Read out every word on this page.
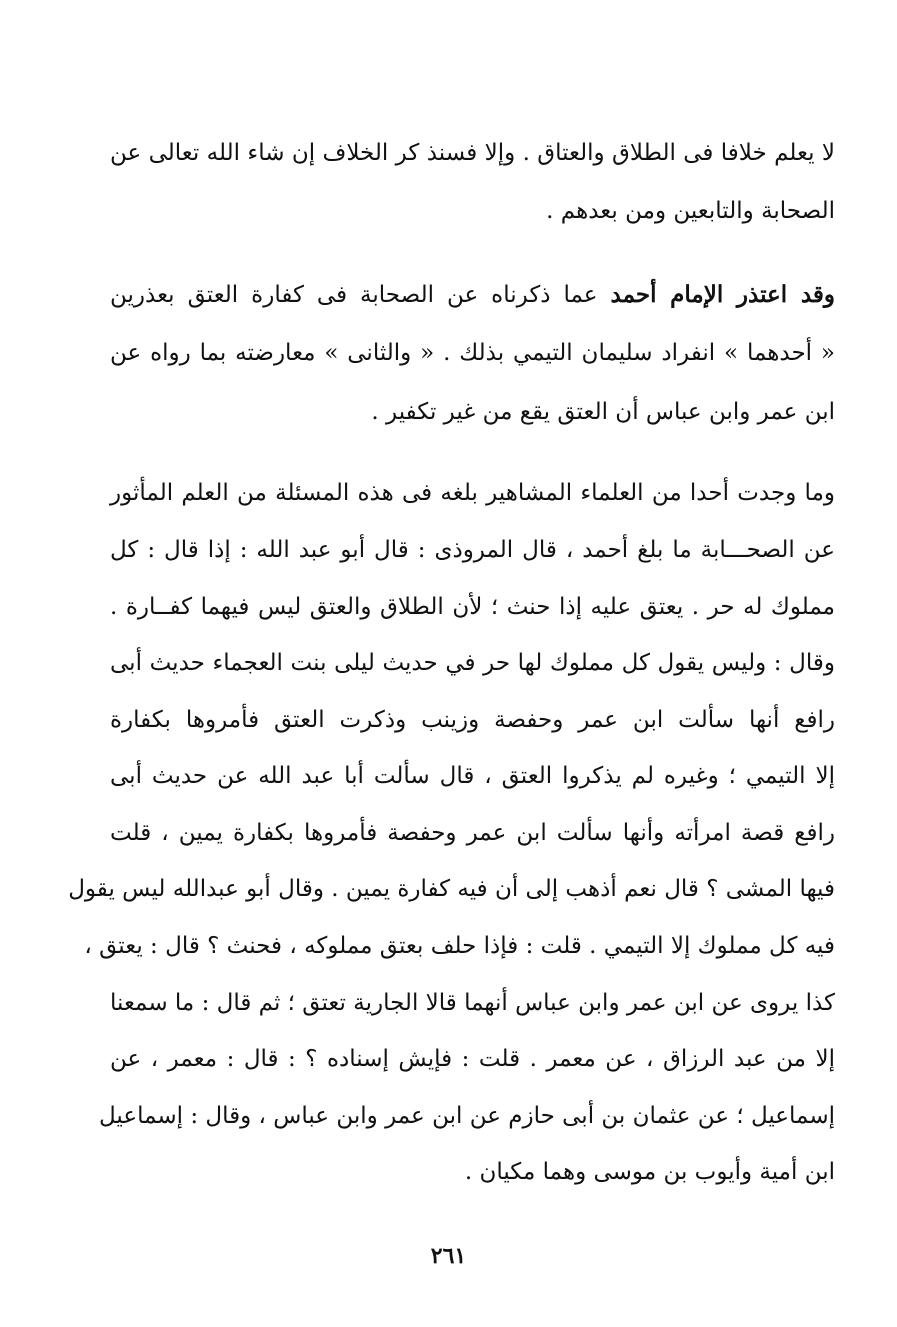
لا يعلم خلافا فى الطلاق والعتاق . وإلا فسنذ كر الخلاف إن شاء الله تعالى عن
الصحابة والتابعين ومن بعدهم .
وقد اعتذر الإمام أحمد عما ذكرناه عن الصحابة فى كفارة العتق بعذرين
« أحدهما » انفراد سليمان التيمي بذلك . « والثانى » معارضته بما رواه عن
ابن عمر وابن عباس أن العتق يقع من غير تكفير .
وما وجدت أحدا من العلماء المشاهير بلغه فى هذه المسئلة من العلم المأثور
عن الصحـــابة ما بلغ أحمد ، قال المروذى : قال أبو عبد الله : إذا قال : كل
مملوك له حر . يعتق عليه إذا حنث ؛ لأن الطلاق والعتق ليس فيهما كفــارة .
وقال : وليس يقول كل مملوك لها حر في حديث ليلى بنت العجماء حديث أبى
رافع أنها سألت ابن عمر وحفصة وزينب وذكرت العتق فأمروها بكفارة
إلا التيمي ؛ وغيره لم يذكروا العتق ، قال سألت أبا عبد الله عن حديث أبى
رافع قصة امرأته وأنها سألت ابن عمر وحفصة فأمروها بكفارة يمين ، قلت
فيها المشى ؟ قال نعم أذهب إلى أن فيه كفارة يمين . وقال أبو عبدالله ليس يقول
فيه كل مملوك إلا التيمي . قلت : فإذا حلف بعتق مملوكه ، فحنث ؟ قال : يعتق ،
كذا يروى عن ابن عمر وابن عباس أنهما قالا الجارية تعتق ؛ ثم قال : ما سمعنا
إلا من عبد الرزاق ، عن معمر . قلت : فإيش إسناده ؟ : قال : معمر ، عن
إسماعيل ؛ عن عثمان بن أبى حازم عن ابن عمر وابن عباس ، وقال : إسماعيل
ابن أمية وأيوب بن موسى وهما مكيان .
٢٦١
